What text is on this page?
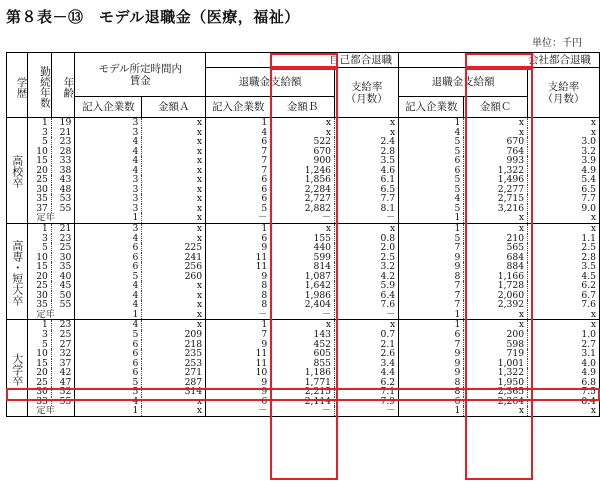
第８表－⑬　モデル退職金（医療，福祉）
単位：千円
学歴	勤続年数	年齢	モデル所定時間内賃金		自己都合退職			会社都合退職		
					退職金支給額		支給率（月数）	退職金支給額		支給率（月数）
			記入企業数	金額Ａ	記入企業数	金額Ｂ		記入企業数	金額Ｃ	
高校卒	1	19	3	x	1	x	x	1	x	x
	3	21	3	x	4	x	x	4	x	x
	5	23	4	x	6	522	2.4	5	670	3.0
	10	28	4	x	7	670	2.8	5	764	3.2
	15	33	4	x	7	900	3.5	6	993	3.9
	20	38	4	x	7	1,246	4.6	6	1,322	4.9
	25	43	3	x	6	1,856	6.1	5	1,496	5.4
	30	48	3	x	6	2,284	6.5	5	2,277	6.5
	35	53	3	x	6	2,727	7.7	4	2,715	7.7
	37	55	3	x	5	2,882	8.1	5	3,216	9.0
	定年		1	x	－	－	－	1	x	x
高専・短大卒	1	21	3	x	1	x	x	1	x	x
	3	23	4	x	6	155	0.8	5	210	1.1
	5	25	6	225	9	440	2.0	7	565	2.5
	10	30	6	241	11	599	2.5	9	684	2.8
	15	35	6	256	11	814	3.2	9	884	3.5
	20	40	5	260	9	1,087	4.2	8	1,166	4.5
	25	45	4	x	8	1,642	5.9	7	1,728	6.2
	30	50	4	x	8	1,986	6.4	7	2,060	6.7
	35	55	4	x	8	2,404	7.6	7	2,392	7.6
	定年		1	x	－	－	－	1	x	x
大学卒	1	23	4	x	1	x	x	1	x	x
	3	25	5	209	7	143	0.7	6	200	1.0
	5	27	6	218	9	452	2.1	7	598	2.7
	10	32	6	235	11	605	2.6	9	719	3.1
	15	37	6	253	11	855	3.4	9	1,001	4.0
	20	42	6	271	10	1,186	4.4	9	1,322	4.9
	25	47	5	287	9	1,771	6.2	8	1,950	6.8
	30	52	5	314	9	2,215	7.1	8	2,365	7.5
	33	55	4	x	6	2,114	7.9	6	2,264	8.4
	定年		1	x	－	－	－	1	x	x
